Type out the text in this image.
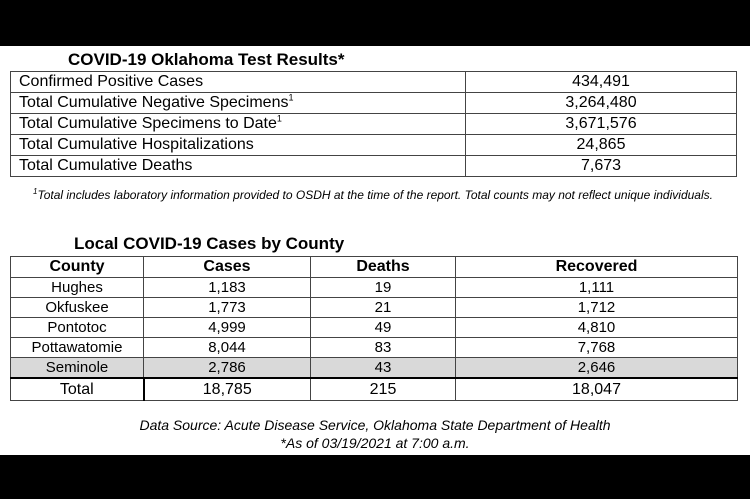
COVID-19 Oklahoma Test Results*
Confirmed Positive Cases	434,491
Total Cumulative Negative Specimens$^1$	3,264,480
Total Cumulative Specimens to Date$^1$	3,671,576
Total Cumulative Hospitalizations	24,865
Total Cumulative Deaths	7,673
$^1$Total includes laboratory information provided to OSDH at the time of the report. Total counts may not reflect unique individuals.
Local COVID-19 Cases by County
County	Cases	Deaths	Recovered
Hughes	1,183	19	1,111
Okfuskee	1,773	21	1,712
Pontotoc	4,999	49	4,810
Pottawatomie	8,044	83	7,768
Seminole	2,786	43	2,646
Total	18,785	215	18,047
Data Source: Acute Disease Service, Oklahoma State Department of Health
*As of 03/19/2021 at 7:00 a.m.
